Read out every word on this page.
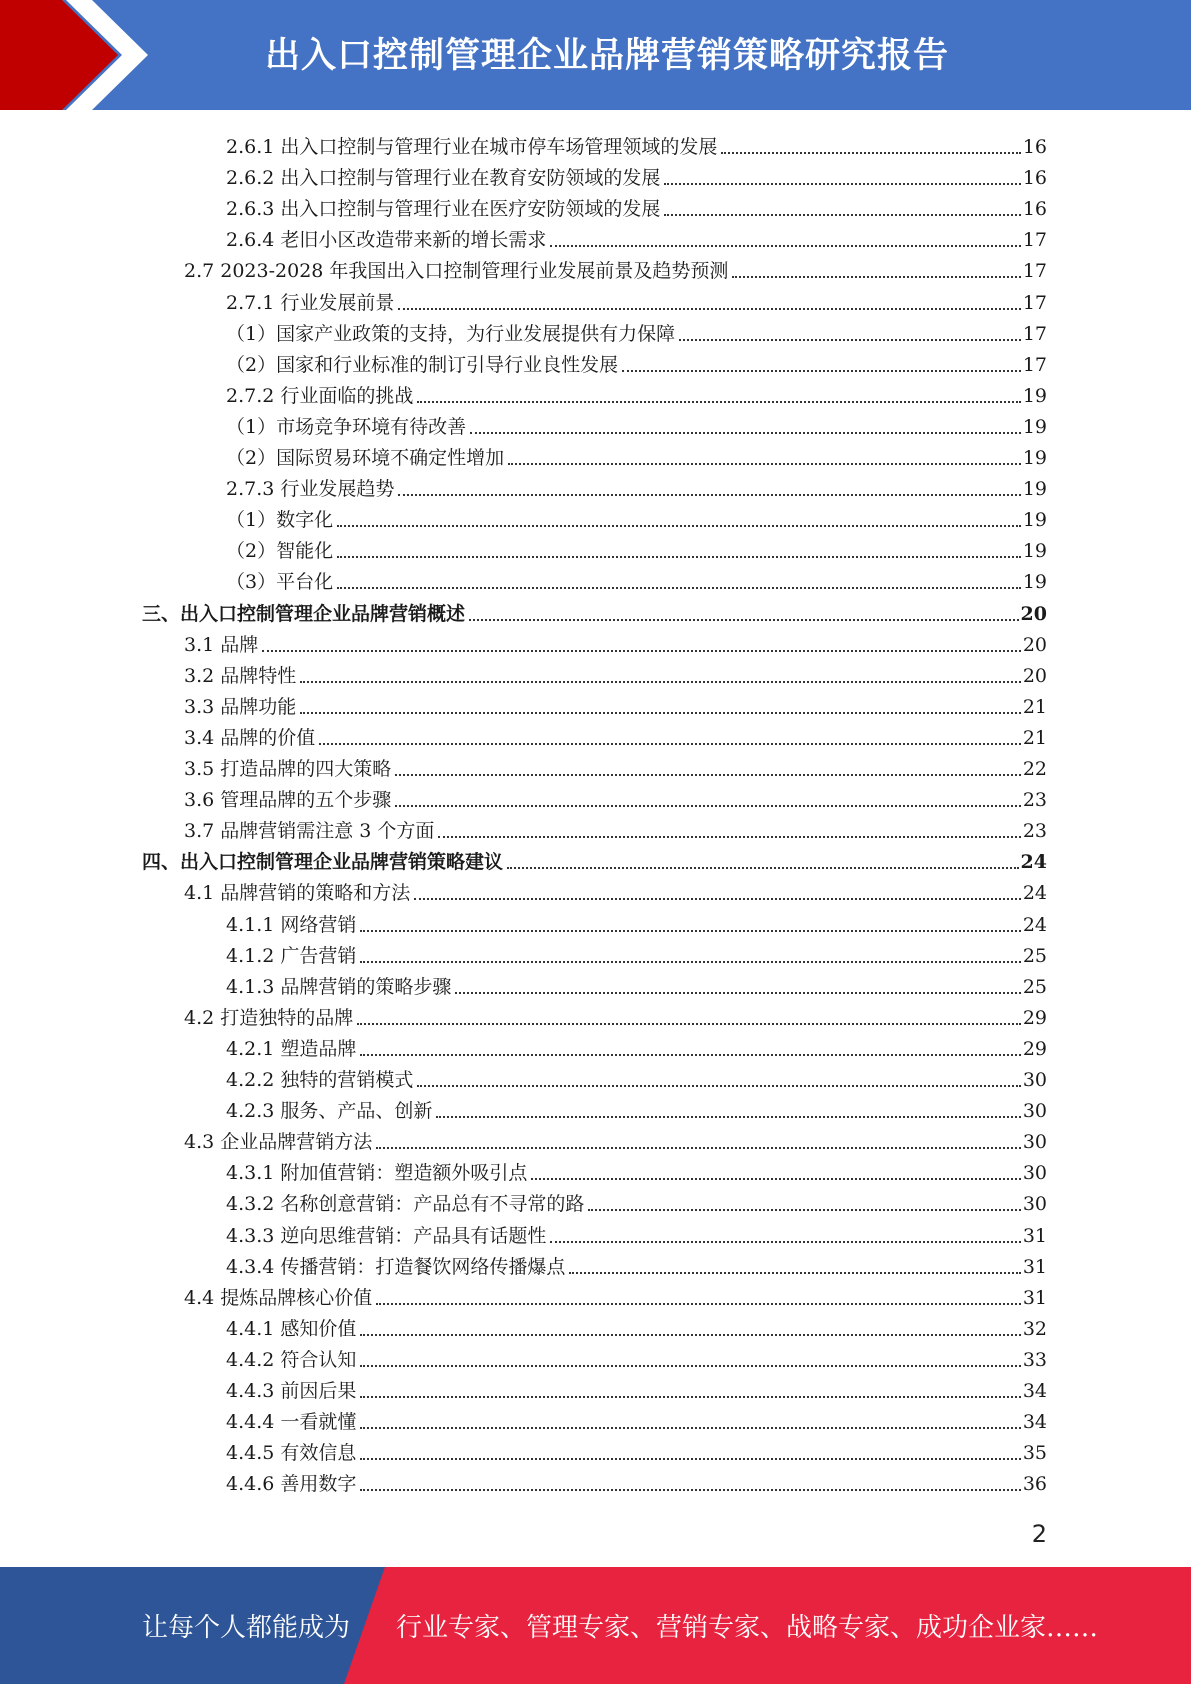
出入口控制管理企业品牌营销策略研究报告
2.6.1 出入口控制与管理行业在城市停车场管理领域的发展	16
2.6.2 出入口控制与管理行业在教育安防领域的发展	16
2.6.3 出入口控制与管理行业在医疗安防领域的发展	16
2.6.4 老旧小区改造带来新的增长需求	17
2.7 2023-2028 年我国出入口控制管理行业发展前景及趋势预测	17
2.7.1 行业发展前景	17
（1）国家产业政策的支持，为行业发展提供有力保障	17
（2）国家和行业标准的制订引导行业良性发展	17
2.7.2 行业面临的挑战	19
（1）市场竞争环境有待改善	19
（2）国际贸易环境不确定性增加	19
2.7.3 行业发展趋势	19
（1）数字化	19
（2）智能化	19
（3）平台化	19
三、出入口控制管理企业品牌营销概述	20
3.1 品牌	20
3.2 品牌特性	20
3.3 品牌功能	21
3.4 品牌的价值	21
3.5 打造品牌的四大策略	22
3.6 管理品牌的五个步骤	23
3.7 品牌营销需注意 3 个方面	23
四、出入口控制管理企业品牌营销策略建议	24
4.1 品牌营销的策略和方法	24
4.1.1 网络营销	24
4.1.2 广告营销	25
4.1.3 品牌营销的策略步骤	25
4.2 打造独特的品牌	29
4.2.1 塑造品牌	29
4.2.2 独特的营销模式	30
4.2.3 服务、产品、创新	30
4.3 企业品牌营销方法	30
4.3.1 附加值营销：塑造额外吸引点	30
4.3.2 名称创意营销：产品总有不寻常的路	30
4.3.3 逆向思维营销：产品具有话题性	31
4.3.4 传播营销：打造餐饮网络传播爆点	31
4.4 提炼品牌核心价值	31
4.4.1 感知价值	32
4.4.2 符合认知	33
4.4.3 前因后果	34
4.4.4 一看就懂	34
4.4.5 有效信息	35
4.4.6 善用数字	36
2
让每个人都能成为 行业专家、管理专家、营销专家、战略专家、成功企业家……
